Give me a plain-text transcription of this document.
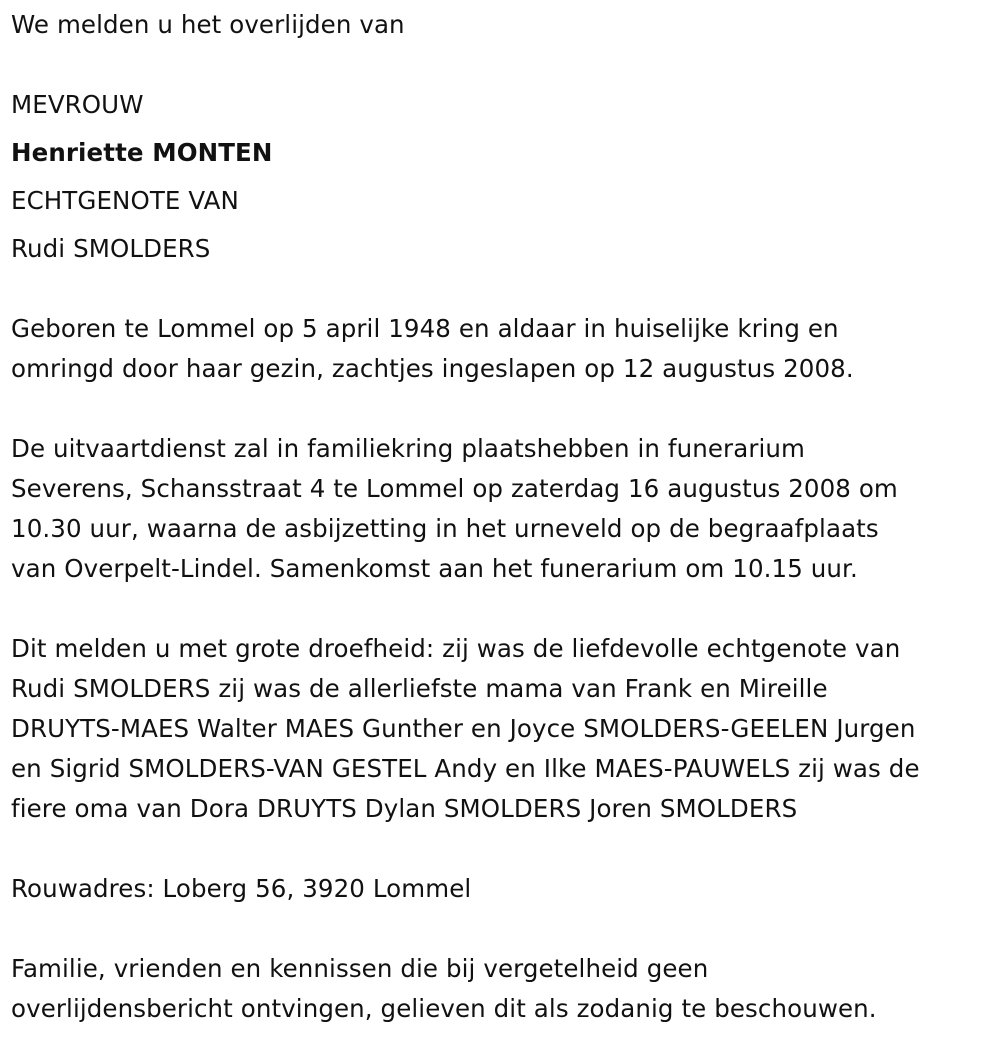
We melden u het overlijden van

MEVROUW

Henriette MONTEN

ECHTGENOTE VAN

Rudi SMOLDERS

Geboren te Lommel op 5 april 1948 en aldaar in huiselijke kring en

omringd door haar gezin, zachtjes ingeslapen op 12 augustus 2008.

De uitvaartdienst zal in familiekring plaatshebben in funerarium

Severens, Schansstraat 4 te Lommel op zaterdag 16 augustus 2008 om

10.30 uur, waarna de asbijzetting in het urneveld op de begraafplaats

van Overpelt-Lindel. Samenkomst aan het funerarium om 10.15 uur.

Dit melden u met grote droefheid: zij was de liefdevolle echtgenote van

Rudi SMOLDERS zij was de allerliefste mama van Frank en Mireille

DRUYTS-MAES Walter MAES Gunther en Joyce SMOLDERS-GEELEN Jurgen

en Sigrid SMOLDERS-VAN GESTEL Andy en Ilke MAES-PAUWELS zij was de

fiere oma van Dora DRUYTS Dylan SMOLDERS Joren SMOLDERS

Rouwadres: Loberg 56, 3920 Lommel

Familie, vrienden en kennissen die bij vergetelheid geen

overlijdensbericht ontvingen, gelieven dit als zodanig te beschouwen.
